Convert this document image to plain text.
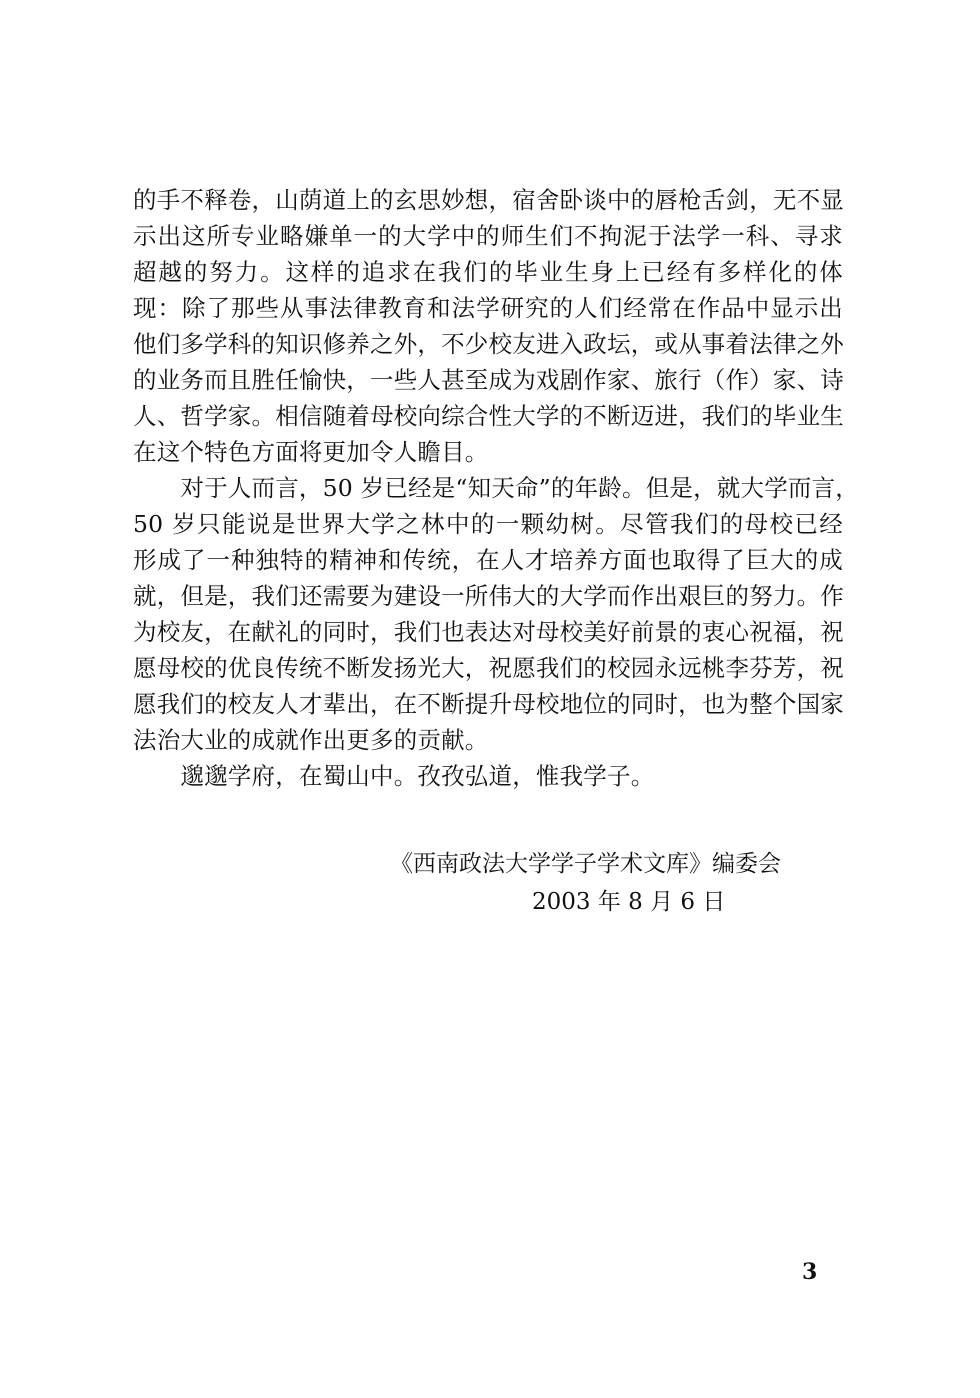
的手不释卷，山荫道上的玄思妙想，宿舍卧谈中的唇枪舌剑，无不显
示出这所专业略嫌单一的大学中的师生们不拘泥于法学一科、寻求
超越的努力。这样的追求在我们的毕业生身上已经有多样化的体
现：除了那些从事法律教育和法学研究的人们经常在作品中显示出
他们多学科的知识修养之外，不少校友进入政坛，或从事着法律之外
的业务而且胜任愉快，一些人甚至成为戏剧作家、旅行（作）家、诗
人、哲学家。相信随着母校向综合性大学的不断迈进，我们的毕业生
在这个特色方面将更加令人瞻目。
　　对于人而言，50 岁已经是“知天命”的年龄。但是，就大学而言，
50 岁只能说是世界大学之林中的一颗幼树。尽管我们的母校已经
形成了一种独特的精神和传统，在人才培养方面也取得了巨大的成
就，但是，我们还需要为建设一所伟大的大学而作出艰巨的努力。作
为校友，在献礼的同时，我们也表达对母校美好前景的衷心祝福，祝
愿母校的优良传统不断发扬光大，祝愿我们的校园永远桃李芬芳，祝
愿我们的校友人才辈出，在不断提升母校地位的同时，也为整个国家
法治大业的成就作出更多的贡献。
　　邈邈学府，在蜀山中。孜孜弘道，惟我学子。
《西南政法大学学子学术文库》编委会
2003 年 8 月 6 日
3
